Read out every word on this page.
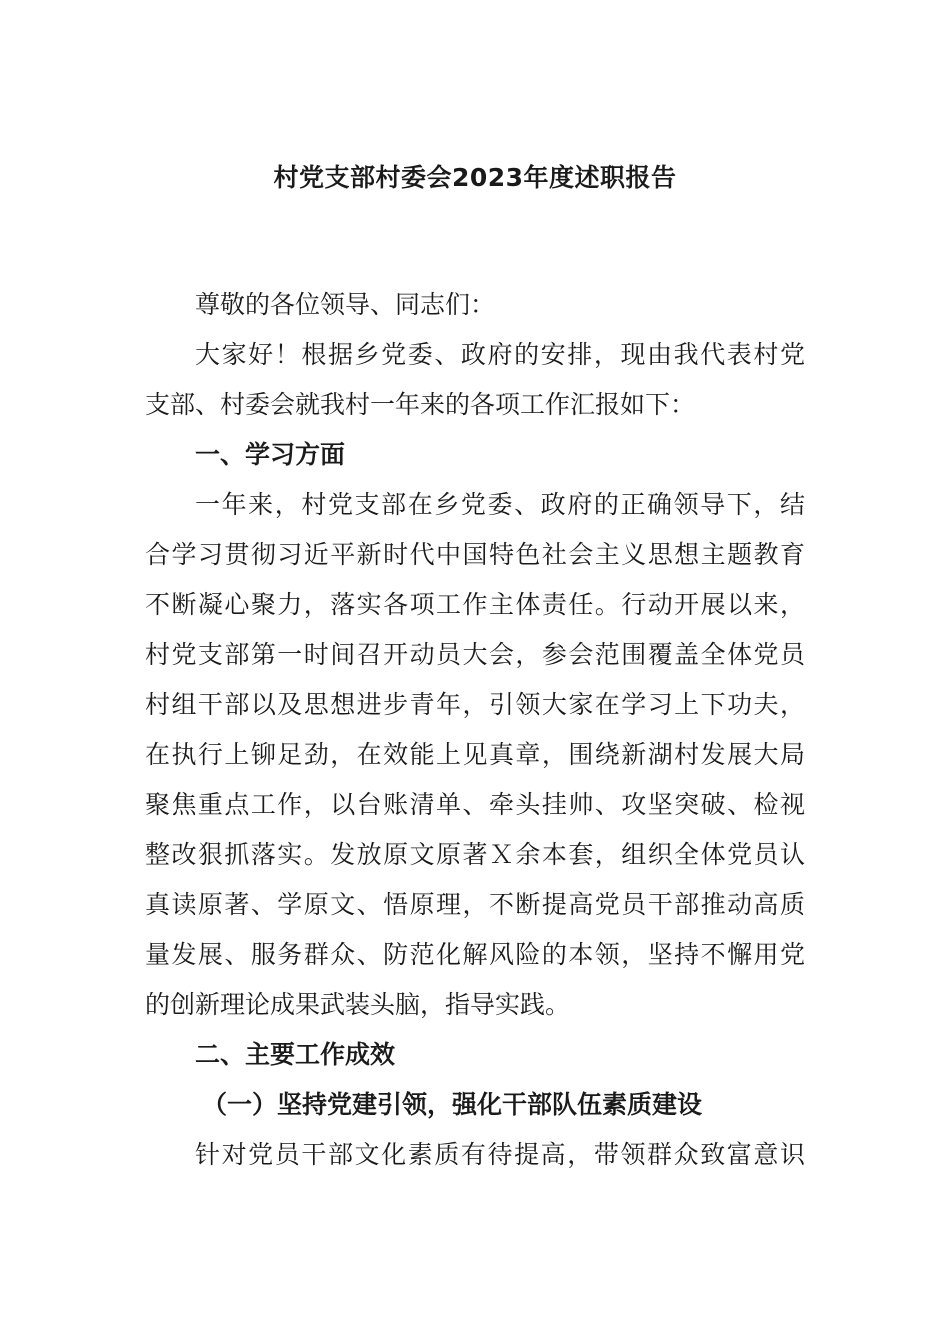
村党支部村委会2023年度述职报告
尊敬的各位领导、同志们：
大家好！根据乡党委、政府的安排，现由我代表村党
支部、村委会就我村一年来的各项工作汇报如下：
一、学习方面
一年来，村党支部在乡党委、政府的正确领导下，结
合学习贯彻习近平新时代中国特色社会主义思想主题教育
不断凝心聚力，落实各项工作主体责任。行动开展以来，
村党支部第一时间召开动员大会，参会范围覆盖全体党员
村组干部以及思想进步青年，引领大家在学习上下功夫，
在执行上铆足劲，在效能上见真章，围绕新湖村发展大局
聚焦重点工作，以台账清单、牵头挂帅、攻坚突破、检视
整改狠抓落实。发放原文原著Ｘ余本套，组织全体党员认
真读原著、学原文、悟原理，不断提高党员干部推动高质
量发展、服务群众、防范化解风险的本领，坚持不懈用党
的创新理论成果武装头脑，指导实践。
二、主要工作成效
（一）坚持党建引领，强化干部队伍素质建设
针对党员干部文化素质有待提高，带领群众致富意识
